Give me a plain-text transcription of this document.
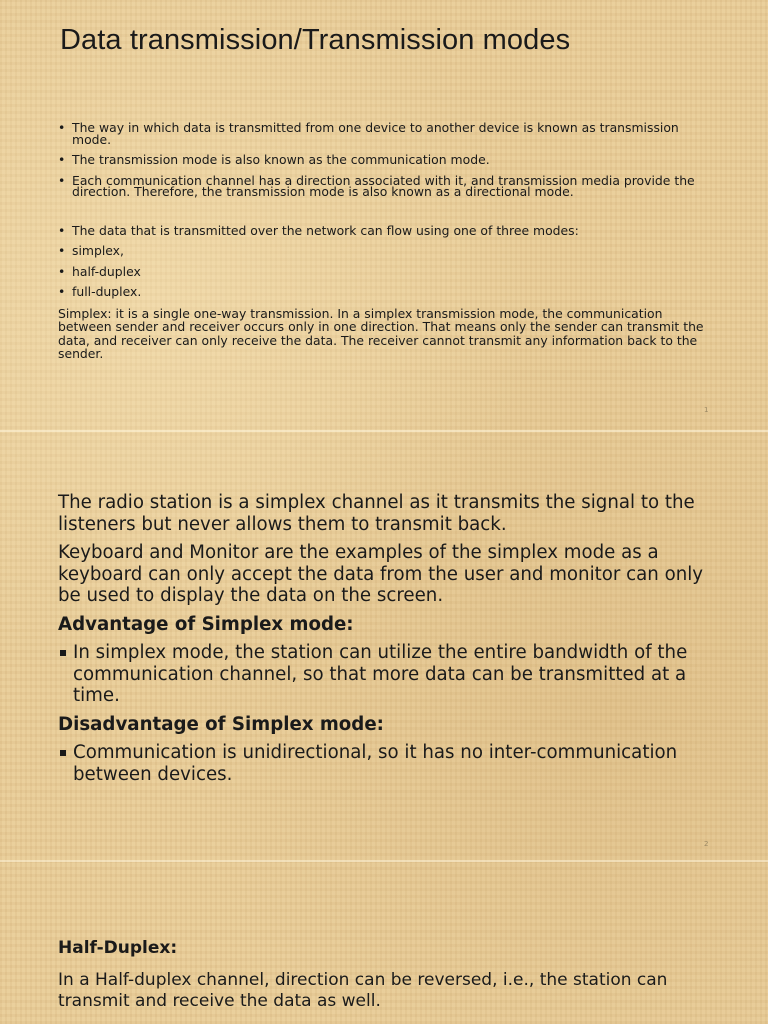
Data transmission/Transmission modes
• The way in which data is transmitted from one device to another device is known as transmission mode.
• The transmission mode is also known as the communication mode.
• Each communication channel has a direction associated with it, and transmission media provide the direction. Therefore, the transmission mode is also known as a directional mode.
• The data that is transmitted over the network can flow using one of three modes:
• simplex,
• half-duplex
• full-duplex.
Simplex: it is a single one-way transmission. In a simplex transmission mode, the communication between sender and receiver occurs only in one direction. That means only the sender can transmit the data, and receiver can only receive the data. The receiver cannot transmit any information back to the sender.
1

The radio station is a simplex channel as it transmits the signal to the listeners but never allows them to transmit back.

Keyboard and Monitor are the examples of the simplex mode as a keyboard can only accept the data from the user and monitor can only be used to display the data on the screen.

Advantage of Simplex mode:
In simplex mode, the station can utilize the entire bandwidth of the communication channel, so that more data can be transmitted at a time.
Disadvantage of Simplex mode:
Communication is unidirectional, so it has no inter-communication between devices.
2
Half-Duplex:

In a Half-duplex channel, direction can be reversed, i.e., the station can transmit and receive the data as well.
